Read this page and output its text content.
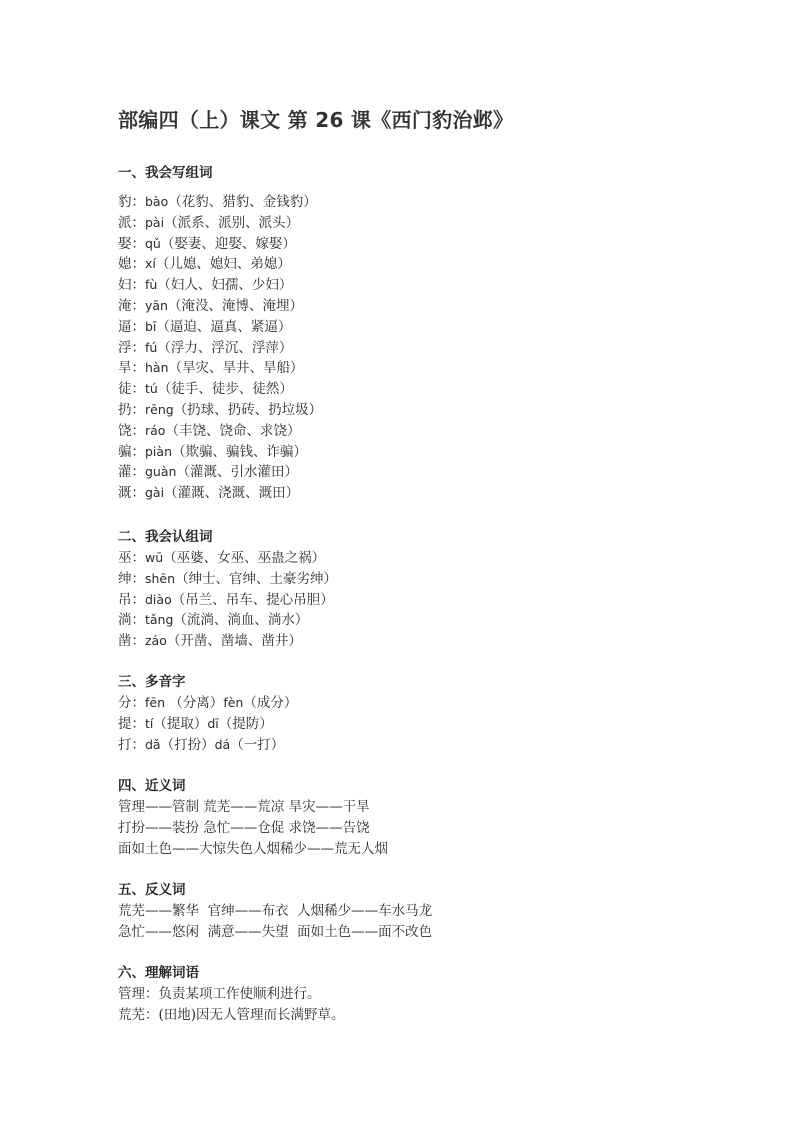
部编四（上）课文 第 26 课《西门豹治邺》
一、我会写组词
豹：bào（花豹、猎豹、金钱豹）
派：pài（派系、派别、派头）
娶：qǔ（娶妻、迎娶、嫁娶）
媳：xí（儿媳、媳妇、弟媳）
妇：fù（妇人、妇孺、少妇）
淹：yān（淹没、淹博、淹埋）
逼：bī（逼迫、逼真、紧逼）
浮：fú（浮力、浮沉、浮萍）
旱：hàn（旱灾、旱井、旱船）
徒：tú（徒手、徒步、徒然）
扔：rēng（扔球、扔砖、扔垃圾）
饶：ráo（丰饶、饶命、求饶）
骗：piàn（欺骗、骗钱、诈骗）
灌：guàn（灌溉、引水灌田）
溉：gài（灌溉、浇溉、溉田）
二、我会认组词
巫：wū（巫婆、女巫、巫蛊之祸）
绅：shēn（绅士、官绅、土豪劣绅）
吊：diào（吊兰、吊车、提心吊胆）
淌：tǎng（流淌、淌血、淌水）
凿：záo（开凿、凿墙、凿井）
三、多音字
分：fēn （分离）fèn（成分）
提：tí（提取）dī（提防）
打：dǎ（打扮）dá（一打）
四、近义词
管理——管制 荒芜——荒凉 旱灾——干旱
打扮——装扮 急忙——仓促 求饶——告饶
面如土色——大惊失色人烟稀少——荒无人烟
五、反义词
荒芜——繁华  官绅——布衣  人烟稀少——车水马龙
急忙——悠闲  满意——失望  面如土色——面不改色
六、理解词语
管理：负责某项工作使顺利进行。
荒芜：(田地)因无人管理而长满野草。
